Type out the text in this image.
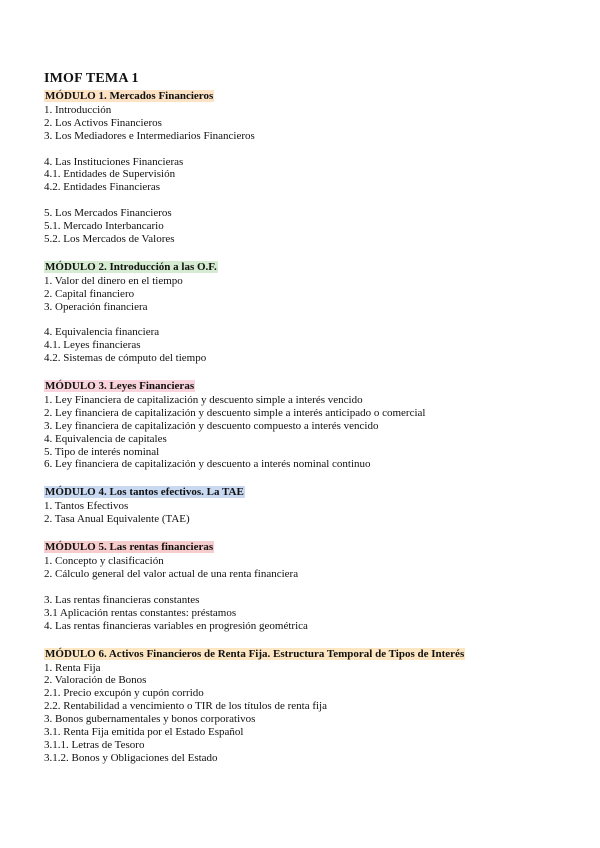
IMOF TEMA 1
MÓDULO 1. Mercados Financieros
1. Introducción
2. Los Activos Financieros
3. Los Mediadores e Intermediarios Financieros
4. Las Instituciones Financieras
4.1. Entidades de Supervisión
4.2. Entidades Financieras
5. Los Mercados Financieros
5.1. Mercado Interbancario
5.2. Los Mercados de Valores
MÓDULO 2. Introducción a las O.F.
1. Valor del dinero en el tiempo
2. Capital financiero
3. Operación financiera
4. Equivalencia financiera
4.1. Leyes financieras
4.2. Sistemas de cómputo del tiempo
MÓDULO 3. Leyes Financieras
1. Ley Financiera de capitalización y descuento simple a interés vencido
2. Ley financiera de capitalización y descuento simple a interés anticipado o comercial
3. Ley financiera de capitalización y descuento compuesto a interés vencido
4. Equivalencia de capitales
5. Tipo de interés nominal
6. Ley financiera de capitalización y descuento a interés nominal continuo
MÓDULO 4. Los tantos efectivos. La TAE
1. Tantos Efectivos
2. Tasa Anual Equivalente (TAE)
MÓDULO 5. Las rentas financieras
1. Concepto y clasificación
2. Cálculo general del valor actual de una renta financiera
3. Las rentas financieras constantes
3.1 Aplicación rentas constantes: préstamos
4. Las rentas financieras variables en progresión geométrica
MÓDULO 6. Activos Financieros de Renta Fija. Estructura Temporal de Tipos de Interés
1. Renta Fija
2. Valoración de Bonos
2.1. Precio excupón y cupón corrido
2.2. Rentabilidad a vencimiento o TIR de los títulos de renta fija
3. Bonos gubernamentales y bonos corporativos
3.1. Renta Fija emitida por el Estado Español
3.1.1. Letras de Tesoro
3.1.2. Bonos y Obligaciones del Estado
